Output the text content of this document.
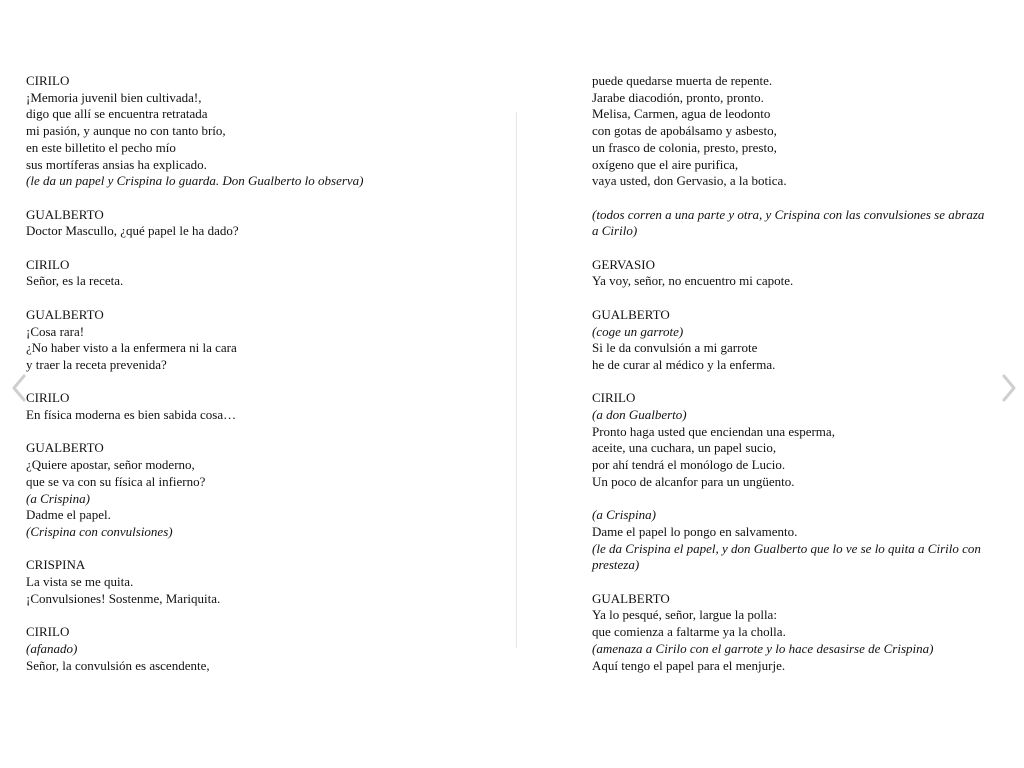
CIRILO
¡Memoria juvenil bien cultivada!,
digo que allí se encuentra retratada
mi pasión, y aunque no con tanto brío,
en este billetito el pecho mío
sus mortíferas ansias ha explicado.
(le da un papel y Crispina lo guarda. Don Gualberto lo observa)
GUALBERTO
Doctor Mascullo, ¿qué papel le ha dado?
CIRILO
Señor, es la receta.
GUALBERTO
¡Cosa rara!
¿No haber visto a la enfermera ni la cara
y traer la receta prevenida?
CIRILO
En física moderna es bien sabida cosa…
GUALBERTO
¿Quiere apostar, señor moderno,
que se va con su física al infierno?
(a Crispina)
Dadme el papel.
(Crispina con convulsiones)
CRISPINA
La vista se me quita.
¡Convulsiones! Sostenme, Mariquita.
CIRILO
(afanado)
Señor, la convulsión es ascendente,
puede quedarse muerta de repente.
Jarabe diacodión, pronto, pronto.
Melisa, Carmen, agua de leodonto
con gotas de apobálsamo y asbesto,
un frasco de colonia, presto, presto,
oxígeno que el aire purifica,
vaya usted, don Gervasio, a la botica.
(todos corren a una parte y otra, y Crispina con las convulsiones se abraza
a Cirilo)
GERVASIO
Ya voy, señor, no encuentro mi capote.
GUALBERTO
(coge un garrote)
Si le da convulsión a mi garrote
he de curar al médico y la enferma.
CIRILO
(a don Gualberto)
Pronto haga usted que enciendan una esperma,
aceite, una cuchara, un papel sucio,
por ahí tendrá el monólogo de Lucio.
Un poco de alcanfor para un ungüento.
(a Crispina)
Dame el papel lo pongo en salvamento.
(le da Crispina el papel, y don Gualberto que lo ve se lo quita a Cirilo con
presteza)
GUALBERTO
Ya lo pesqué, señor, largue la polla:
que comienza a faltarme ya la cholla.
(amenaza a Cirilo con el garrote y lo hace desasirse de Crispina)
Aquí tengo el papel para el menjurje.
